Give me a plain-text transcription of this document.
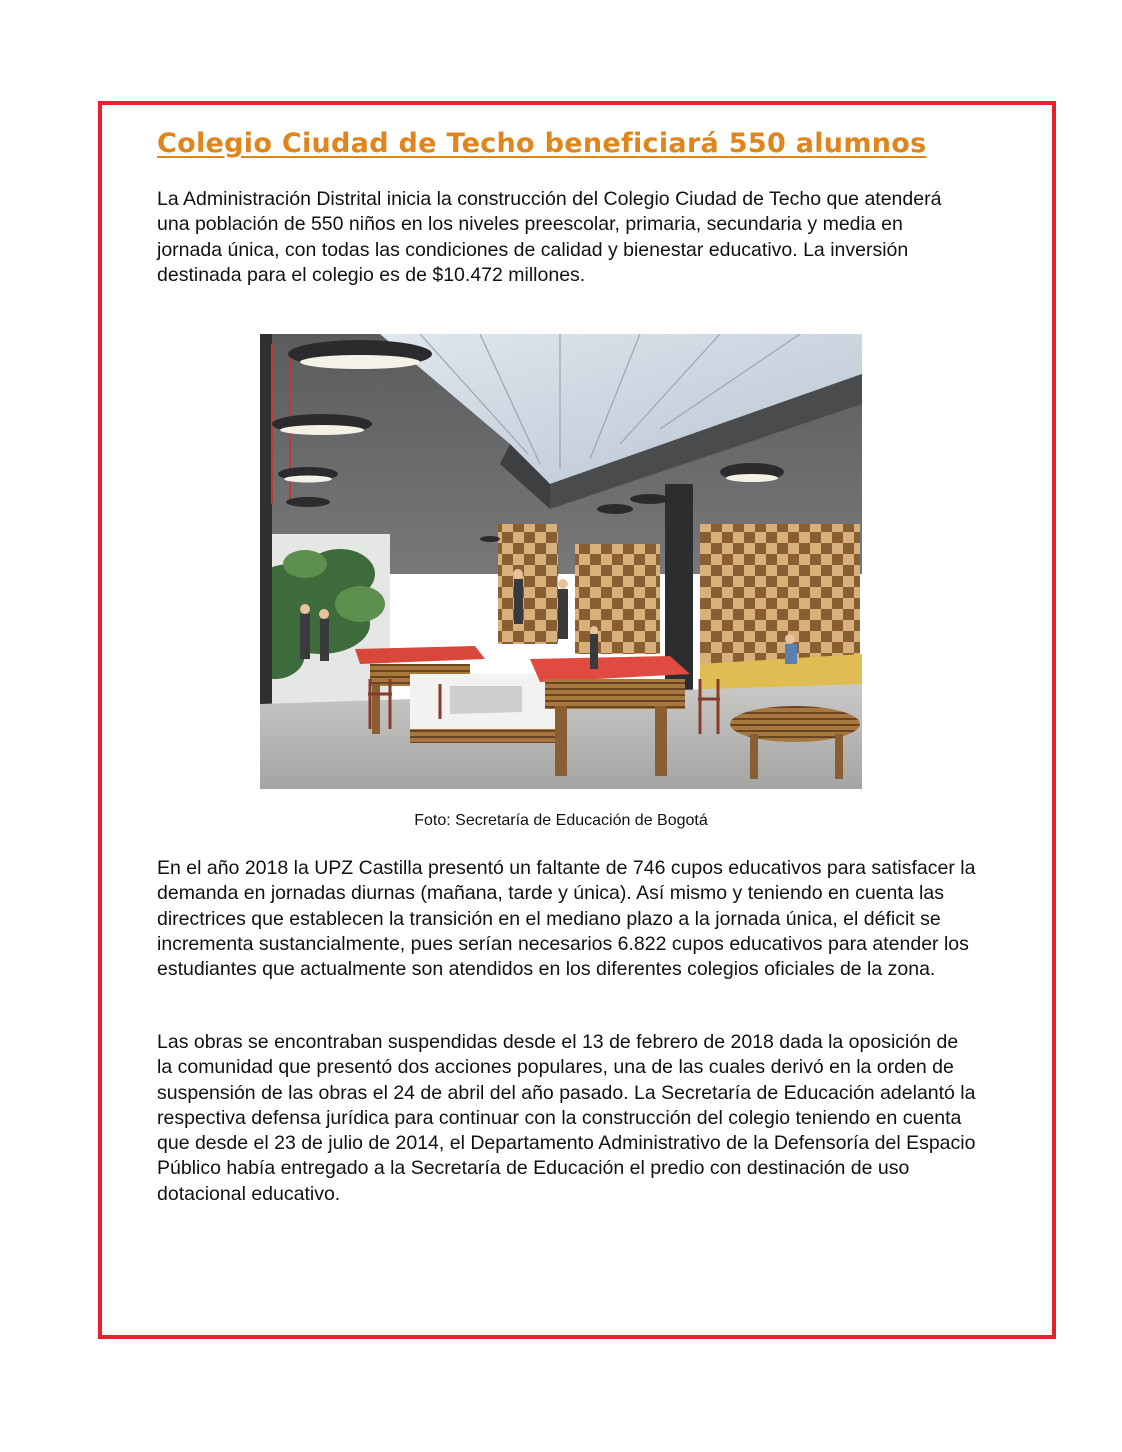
Colegio Ciudad de Techo beneficiará 550 alumnos

La Administración Distrital inicia la construcción del Colegio Ciudad de Techo que atenderá una población de 550 niños en los niveles preescolar, primaria, secundaria y media en jornada única, con todas las condiciones de calidad y bienestar educativo. La inversión destinada para el colegio es de $10.472 millones.

Foto: Secretaría de Educación de Bogotá

En el año 2018 la UPZ Castilla presentó un faltante de 746 cupos educativos para satisfacer la demanda en jornadas diurnas (mañana, tarde y única). Así mismo y teniendo en cuenta las directrices que establecen la transición en el mediano plazo a la jornada única, el déficit se incrementa sustancialmente, pues serían necesarios 6.822 cupos educativos para atender los estudiantes que actualmente son atendidos en los diferentes colegios oficiales de la zona.

Las obras se encontraban suspendidas desde el 13 de febrero de 2018 dada la oposición de la comunidad que presentó dos acciones populares, una de las cuales derivó en la orden de suspensión de las obras el 24 de abril del año pasado. La Secretaría de Educación adelantó la respectiva defensa jurídica para continuar con la construcción del colegio teniendo en cuenta que desde el 23 de julio de 2014, el Departamento Administrativo de la Defensoría del Espacio Público había entregado a la Secretaría de Educación el predio con destinación de uso dotacional educativo.
